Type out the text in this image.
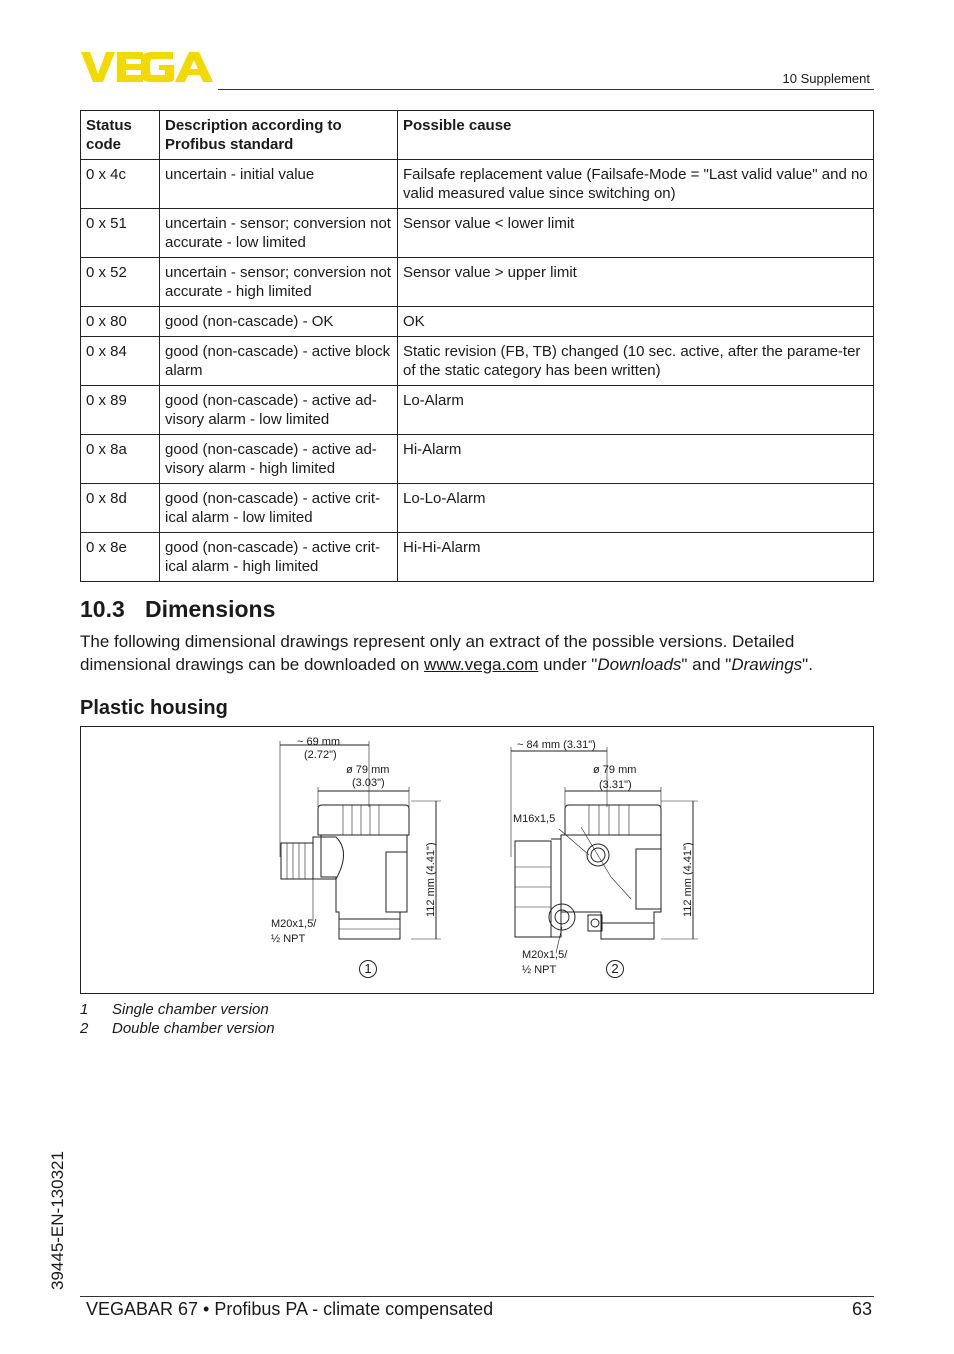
10 Supplement
Status code	Description according to Profibus standard	Possible cause
0 x 4c	uncertain - initial value	Failsafe replacement value (Failsafe-Mode = "Last valid value" and no valid measured value since switching on)
0 x 51	uncertain - sensor; conversion not accurate - low limited	Sensor value < lower limit
0 x 52	uncertain - sensor; conversion not accurate - high limited	Sensor value > upper limit
0 x 80	good (non-cascade) - OK	OK
0 x 84	good (non-cascade) - active block alarm	Static revision (FB, TB) changed (10 sec. active, after the parame-ter of the static category has been written)
0 x 89	good (non-cascade) - active ad-visory alarm - low limited	Lo-Alarm
0 x 8a	good (non-cascade) - active ad-visory alarm - high limited	Hi-Alarm
0 x 8d	good (non-cascade) - active crit-ical alarm - low limited	Lo-Lo-Alarm
0 x 8e	good (non-cascade) - active crit-ical alarm - high limited	Hi-Hi-Alarm
10.3 Dimensions

The following dimensional drawings represent only an extract of the possible versions. Detailed dimensional drawings can be downloaded on www.vega.com under "Downloads" and "Drawings".

Plastic housing
~ 69 mm
(2.72")
ø 79 mm
(3.03")
112 mm (4.41")
M20x1,5/
½ NPT
1
~ 84 mm (3.31")
ø 79 mm
(3.31")
M16x1,5
112 mm (4.41")
M20x1,5/
½ NPT	2
1	Single chamber version
2	Double chamber version
39445-EN-130321
VEGABAR 67 • Profibus PA - climate compensated	63
